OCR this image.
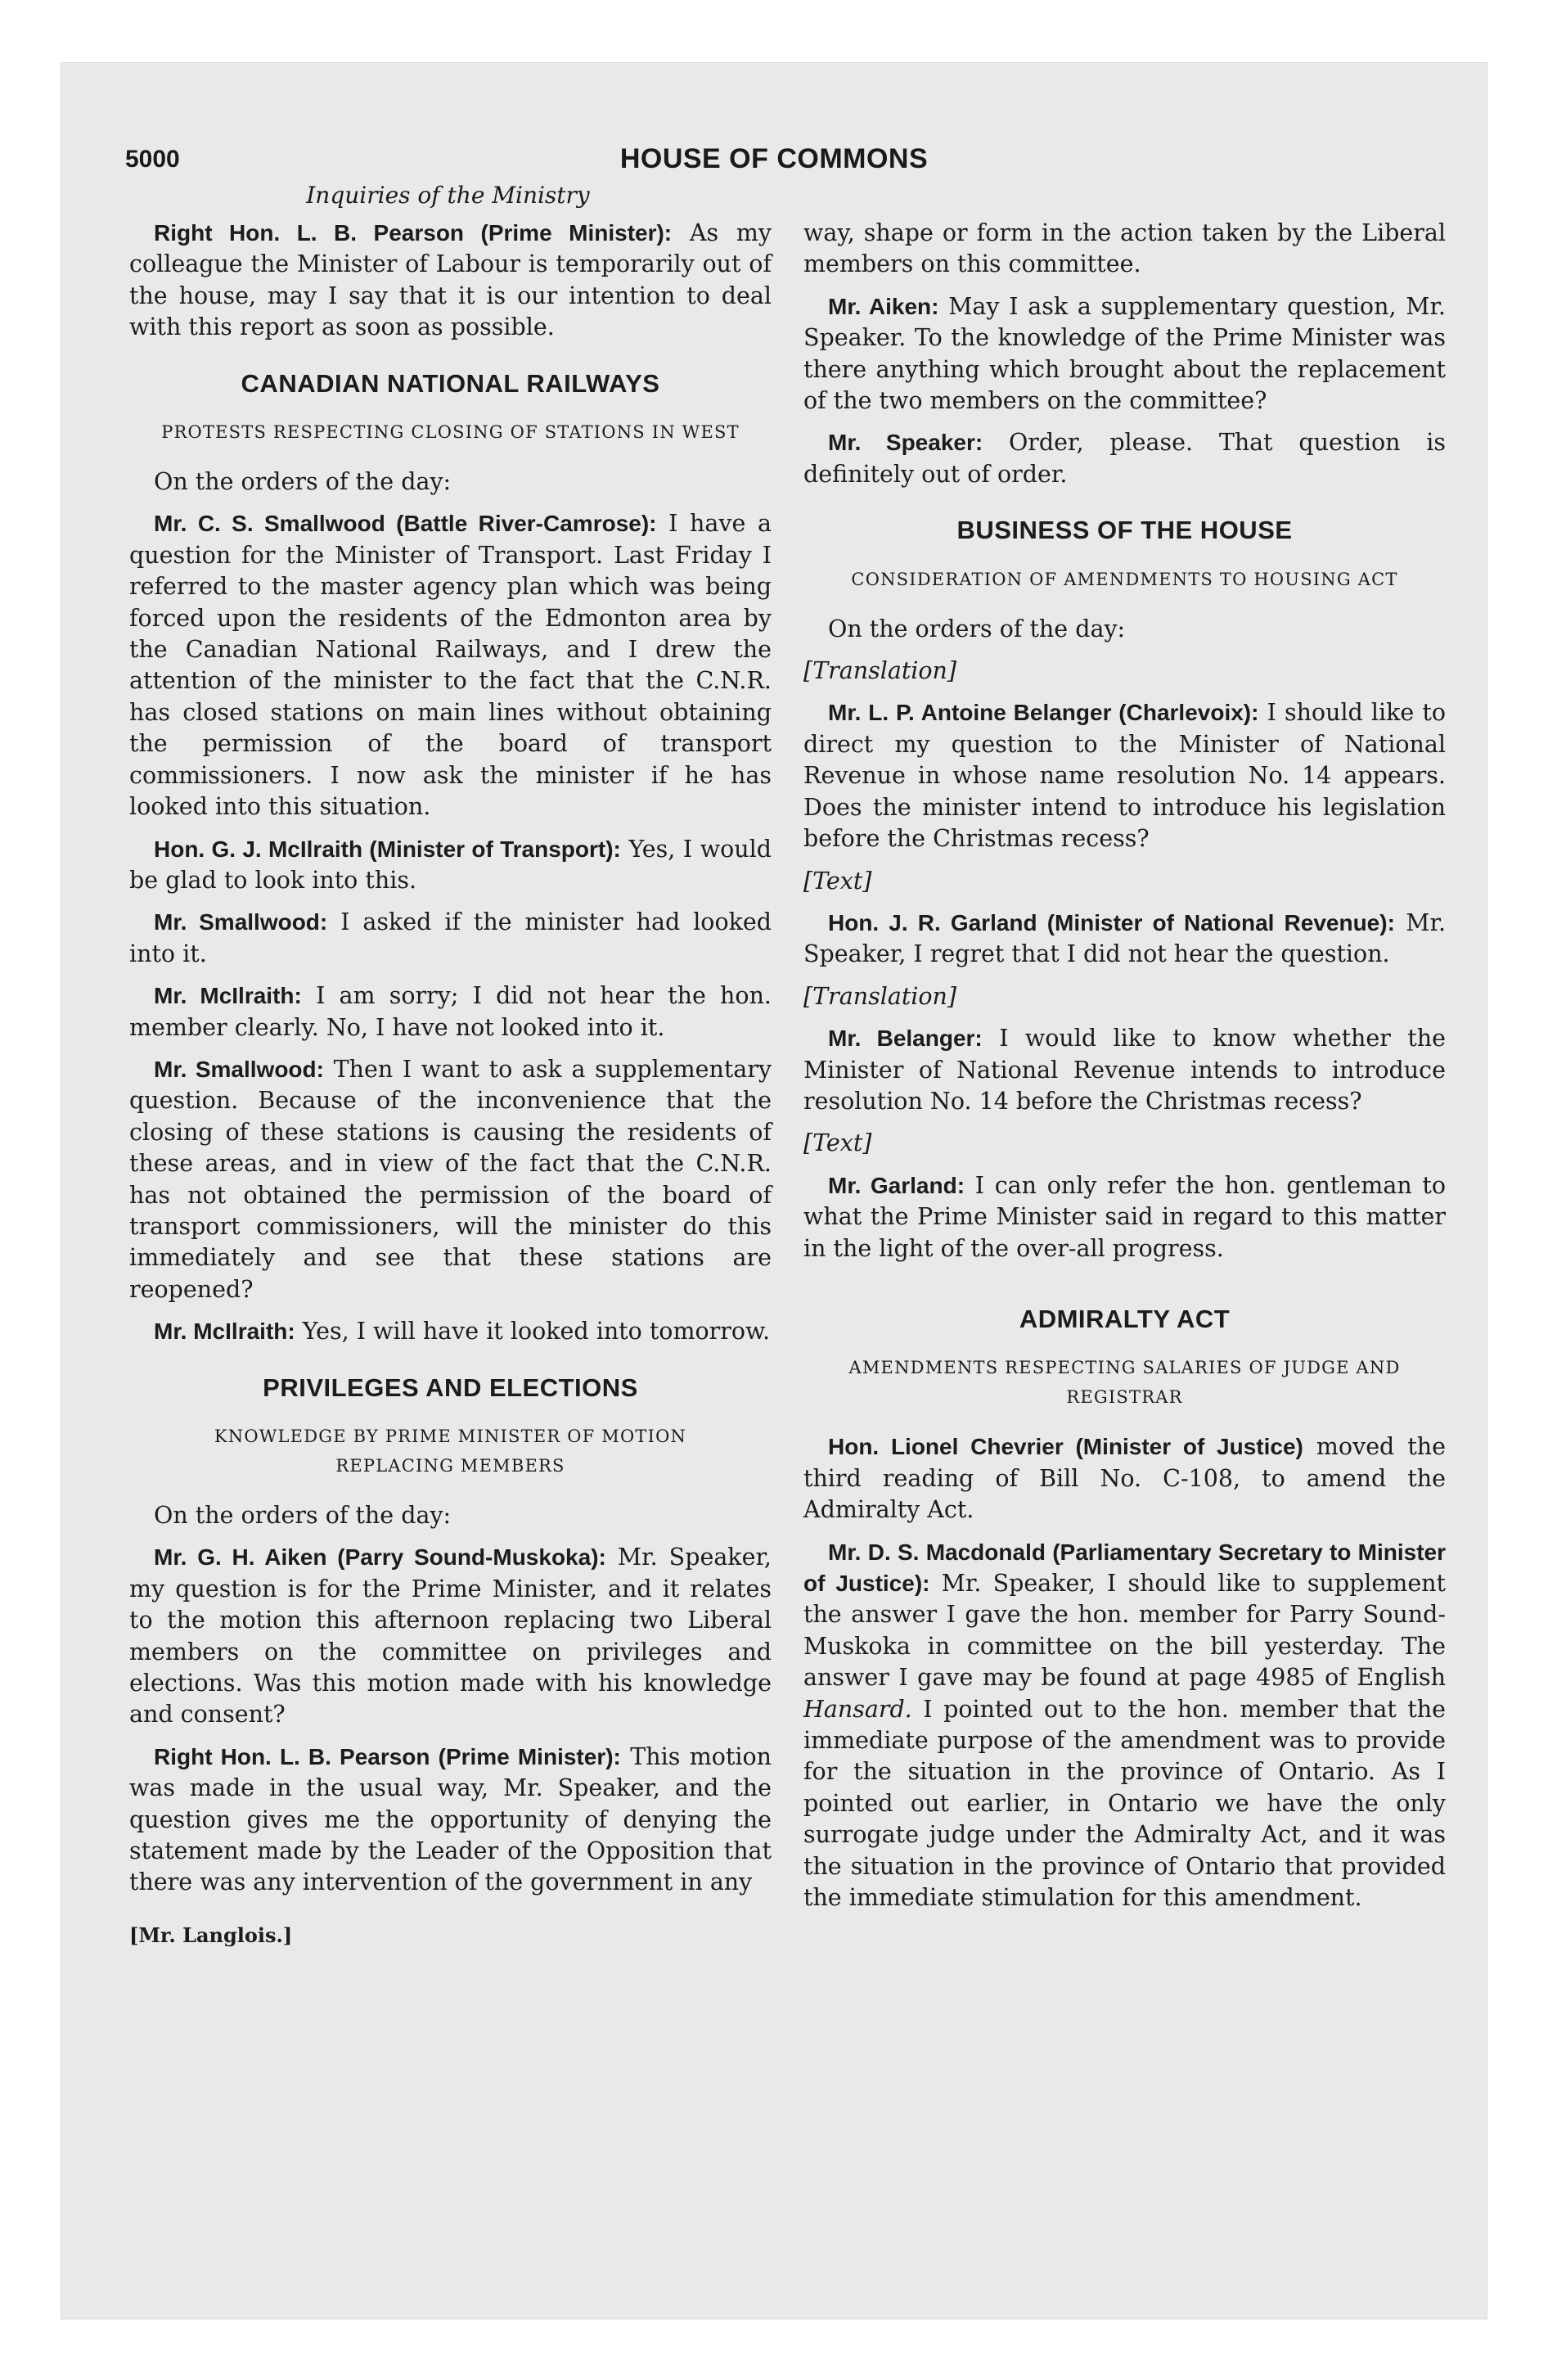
5000	HOUSE OF COMMONS
Inquiries of the Ministry

Right Hon. L. B. Pearson (Prime Minister): As my colleague the Minister of Labour is temporarily out of the house, may I say that it is our intention to deal with this report as soon as possible.

CANADIAN NATIONAL RAILWAYS
PROTESTS RESPECTING CLOSING OF STATIONS IN WEST

On the orders of the day:

Mr. C. S. Smallwood (Battle River-Camrose): I have a question for the Minister of Transport. Last Friday I referred to the master agency plan which was being forced upon the residents of the Edmonton area by the Canadian National Railways, and I drew the attention of the minister to the fact that the C.N.R. has closed stations on main lines without obtaining the permission of the board of transport commissioners. I now ask the minister if he has looked into this situation.

Hon. G. J. McIlraith (Minister of Transport): Yes, I would be glad to look into this.

Mr. Smallwood: I asked if the minister had looked into it.

Mr. McIlraith: I am sorry; I did not hear the hon. member clearly. No, I have not looked into it.

Mr. Smallwood: Then I want to ask a supplementary question. Because of the inconvenience that the closing of these stations is causing the residents of these areas, and in view of the fact that the C.N.R. has not obtained the permission of the board of transport commissioners, will the minister do this immediately and see that these stations are reopened?

Mr. McIlraith: Yes, I will have it looked into tomorrow.

PRIVILEGES AND ELECTIONS
KNOWLEDGE BY PRIME MINISTER OF MOTION REPLACING MEMBERS

On the orders of the day:

Mr. G. H. Aiken (Parry Sound-Muskoka): Mr. Speaker, my question is for the Prime Minister, and it relates to the motion this afternoon replacing two Liberal members on the committee on privileges and elections. Was this motion made with his knowledge and consent?

Right Hon. L. B. Pearson (Prime Minister): This motion was made in the usual way, Mr. Speaker, and the question gives me the opportunity of denying the statement made by the Leader of the Opposition that there was any intervention of the government in any

[Mr. Langlois.]

way, shape or form in the action taken by the Liberal members on this committee.

Mr. Aiken: May I ask a supplementary question, Mr. Speaker. To the knowledge of the Prime Minister was there anything which brought about the replacement of the two members on the committee?

Mr. Speaker: Order, please. That question is definitely out of order.

BUSINESS OF THE HOUSE
CONSIDERATION OF AMENDMENTS TO HOUSING ACT

On the orders of the day:

[Translation]

Mr. L. P. Antoine Belanger (Charlevoix): I should like to direct my question to the Minister of National Revenue in whose name resolution No. 14 appears. Does the minister intend to introduce his legislation before the Christmas recess?

[Text]

Hon. J. R. Garland (Minister of National Revenue): Mr. Speaker, I regret that I did not hear the question.

[Translation]

Mr. Belanger: I would like to know whether the Minister of National Revenue intends to introduce resolution No. 14 before the Christmas recess?

[Text]

Mr. Garland: I can only refer the hon. gentleman to what the Prime Minister said in regard to this matter in the light of the over-all progress.

ADMIRALTY ACT
AMENDMENTS RESPECTING SALARIES OF JUDGE AND REGISTRAR

Hon. Lionel Chevrier (Minister of Justice) moved the third reading of Bill No. C-108, to amend the Admiralty Act.

Mr. D. S. Macdonald (Parliamentary Secretary to Minister of Justice): Mr. Speaker, I should like to supplement the answer I gave the hon. member for Parry Sound-Muskoka in committee on the bill yesterday. The answer I gave may be found at page 4985 of English Hansard. I pointed out to the hon. member that the immediate purpose of the amendment was to provide for the situation in the province of Ontario. As I pointed out earlier, in Ontario we have the only surrogate judge under the Admiralty Act, and it was the situation in the province of Ontario that provided the immediate stimulation for this amendment.
